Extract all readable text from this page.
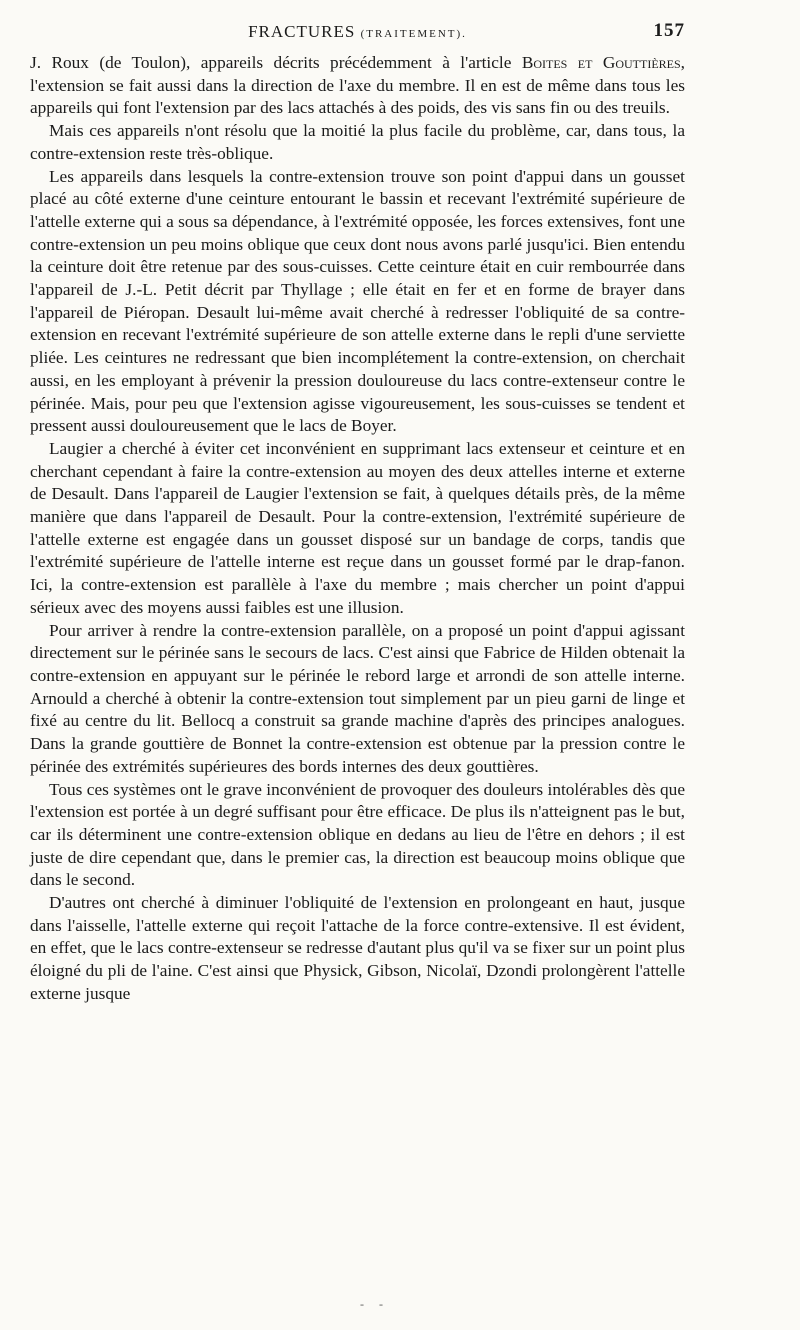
FRACTURES (TRAITEMENT).	157

J. Roux (de Toulon), appareils décrits précédemment à l'article Boites et Gouttières, l'extension se fait aussi dans la direction de l'axe du membre. Il en est de même dans tous les appareils qui font l'extension par des lacs attachés à des poids, des vis sans fin ou des treuils.

Mais ces appareils n'ont résolu que la moitié la plus facile du problème, car, dans tous, la contre-extension reste très-oblique.

Les appareils dans lesquels la contre-extension trouve son point d'appui dans un gousset placé au côté externe d'une ceinture entourant le bassin et recevant l'extrémité supérieure de l'attelle externe qui a sous sa dépendance, à l'extrémité opposée, les forces extensives, font une contre-extension un peu moins oblique que ceux dont nous avons parlé jusqu'ici. Bien entendu la ceinture doit être retenue par des sous-cuisses. Cette ceinture était en cuir rembourrée dans l'appareil de J.-L. Petit décrit par Thyllage ; elle était en fer et en forme de brayer dans l'appareil de Piéropan. Desault lui-même avait cherché à redresser l'obliquité de sa contre-extension en recevant l'extrémité supérieure de son attelle externe dans le repli d'une serviette pliée. Les ceintures ne redressant que bien incomplétement la contre-extension, on cherchait aussi, en les employant à prévenir la pression douloureuse du lacs contre-extenseur contre le périnée. Mais, pour peu que l'extension agisse vigoureusement, les sous-cuisses se tendent et pressent aussi douloureusement que le lacs de Boyer.

Laugier a cherché à éviter cet inconvénient en supprimant lacs extenseur et ceinture et en cherchant cependant à faire la contre-extension au moyen des deux attelles interne et externe de Desault. Dans l'appareil de Laugier l'extension se fait, à quelques détails près, de la même manière que dans l'appareil de Desault. Pour la contre-extension, l'extrémité supérieure de l'attelle externe est engagée dans un gousset disposé sur un bandage de corps, tandis que l'extrémité supérieure de l'attelle interne est reçue dans un gousset formé par le drap-fanon. Ici, la contre-extension est parallèle à l'axe du membre ; mais chercher un point d'appui sérieux avec des moyens aussi faibles est une illusion.

Pour arriver à rendre la contre-extension parallèle, on a proposé un point d'appui agissant directement sur le périnée sans le secours de lacs. C'est ainsi que Fabrice de Hilden obtenait la contre-extension en appuyant sur le périnée le rebord large et arrondi de son attelle interne. Arnould a cherché à obtenir la contre-extension tout simplement par un pieu garni de linge et fixé au centre du lit. Bellocq a construit sa grande machine d'après des principes analogues. Dans la grande gouttière de Bonnet la contre-extension est obtenue par la pression contre le périnée des extrémités supérieures des bords internes des deux gouttières.

Tous ces systèmes ont le grave inconvénient de provoquer des douleurs intolérables dès que l'extension est portée à un degré suffisant pour être efficace. De plus ils n'atteignent pas le but, car ils déterminent une contre-extension oblique en dedans au lieu de l'être en dehors ; il est juste de dire cependant que, dans le premier cas, la direction est beaucoup moins oblique que dans le second.

D'autres ont cherché à diminuer l'obliquité de l'extension en prolongeant en haut, jusque dans l'aisselle, l'attelle externe qui reçoit l'attache de la force contre-extensive. Il est évident, en effet, que le lacs contre-extenseur se redresse d'autant plus qu'il va se fixer sur un point plus éloigné du pli de l'aine. C'est ainsi que Physick, Gibson, Nicolaï, Dzondi prolongèrent l'attelle externe jusque

- -
